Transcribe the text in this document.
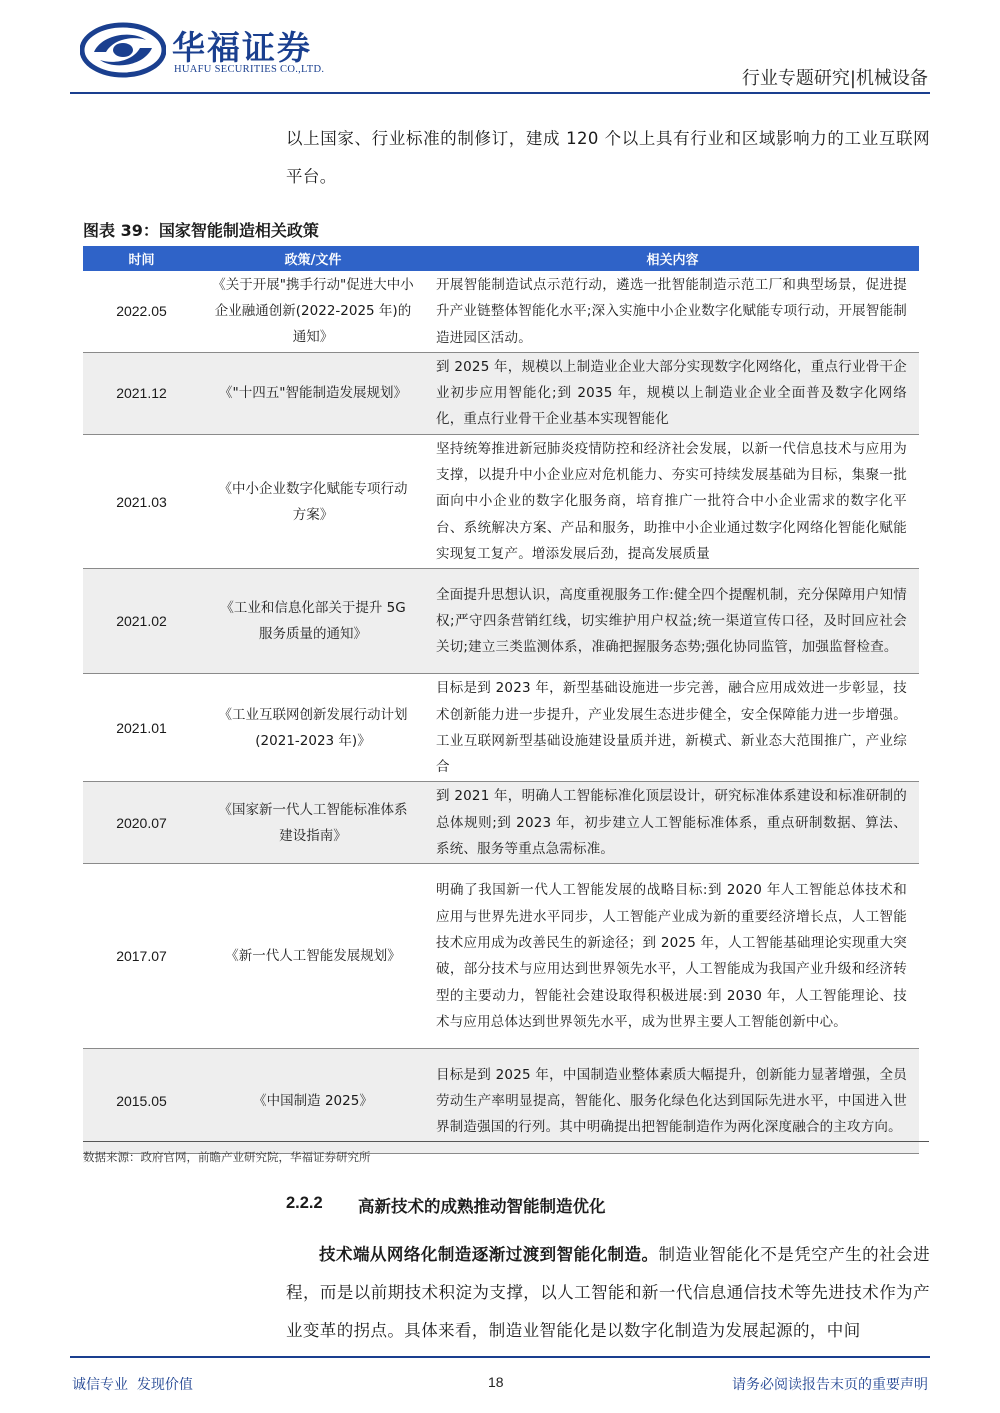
华福证券
HUAFU SECURITIES CO.,LTD.	行业专题研究|机械设备
以上国家、行业标准的制修订，建成 120 个以上具有行业和区域影响力的工业互联网平台。
图表 39：国家智能制造相关政策
时间	政策/文件	相关内容
2022.05	《关于开展"携手行动"促进大中小企业融通创新(2022-2025 年)的通知》	开展智能制造试点示范行动，遴选一批智能制造示范工厂和典型场景，促进提升产业链整体智能化水平;深入实施中小企业数字化赋能专项行动，开展智能制造进园区活动。
2021.12	《"十四五"智能制造发展规划》	到 2025 年，规模以上制造业企业大部分实现数字化网络化，重点行业骨干企业初步应用智能化;到 2035 年，规模以上制造业企业全面普及数字化网络化，重点行业骨干企业基本实现智能化
2021.03	《中小企业数字化赋能专项行动方案》	坚持统筹推进新冠肺炎疫情防控和经济社会发展，以新一代信息技术与应用为支撑，以提升中小企业应对危机能力、夯实可持续发展基础为目标，集聚一批面向中小企业的数字化服务商，培育推广一批符合中小企业需求的数字化平台、系统解决方案、产品和服务，助推中小企业通过数字化网络化智能化赋能实现复工复产。增添发展后劲，提高发展质量
2021.02	《工业和信息化部关于提升 5G 服务质量的通知》	全面提升思想认识，高度重视服务工作:健全四个提醒机制，充分保障用户知情权;严守四条营销红线，切实维护用户权益;统一渠道宣传口径，及时回应社会关切;建立三类监测体系，准确把握服务态势;强化协同监管，加强监督检查。
2021.01	《工业互联网创新发展行动计划(2021-2023 年)》	目标是到 2023 年，新型基础设施进一步完善，融合应用成效进一步彰显，技术创新能力进一步提升，产业发展生态进步健全，安全保障能力进一步增强。工业互联网新型基础设施建设量质并进，新模式、新业态大范围推广，产业综合
2020.07	《国家新一代人工智能标准体系建设指南》	到 2021 年，明确人工智能标准化顶层设计，研究标准体系建设和标准研制的总体规则;到 2023 年，初步建立人工智能标准体系，重点研制数据、算法、系统、服务等重点急需标准。
2017.07	《新一代人工智能发展规划》	明确了我国新一代人工智能发展的战略目标:到 2020 年人工智能总体技术和应用与世界先进水平同步，人工智能产业成为新的重要经济增长点，人工智能技术应用成为改善民生的新途径；到 2025 年，人工智能基础理论实现重大突破，部分技术与应用达到世界领先水平，人工智能成为我国产业升级和经济转型的主要动力，智能社会建设取得积极进展:到 2030 年，人工智能理论、技术与应用总体达到世界领先水平，成为世界主要人工智能创新中心。
2015.05	《中国制造 2025》	目标是到 2025 年，中国制造业整体素质大幅提升，创新能力显著增强，全员劳动生产率明显提高，智能化、服务化绿色化达到国际先进水平，中国进入世界制造强国的行列。其中明确提出把智能制造作为两化深度融合的主攻方向。
数据来源：政府官网，前瞻产业研究院，华福证券研究所
2.2.2 高新技术的成熟推动智能制造优化
技术端从网络化制造逐渐过渡到智能化制造。制造业智能化不是凭空产生的社会进程，而是以前期技术积淀为支撑，以人工智能和新一代信息通信技术等先进技术作为产业变革的拐点。具体来看，制造业智能化是以数字化制造为发展起源的，中间
诚信专业  发现价值	18	请务必阅读报告末页的重要声明
